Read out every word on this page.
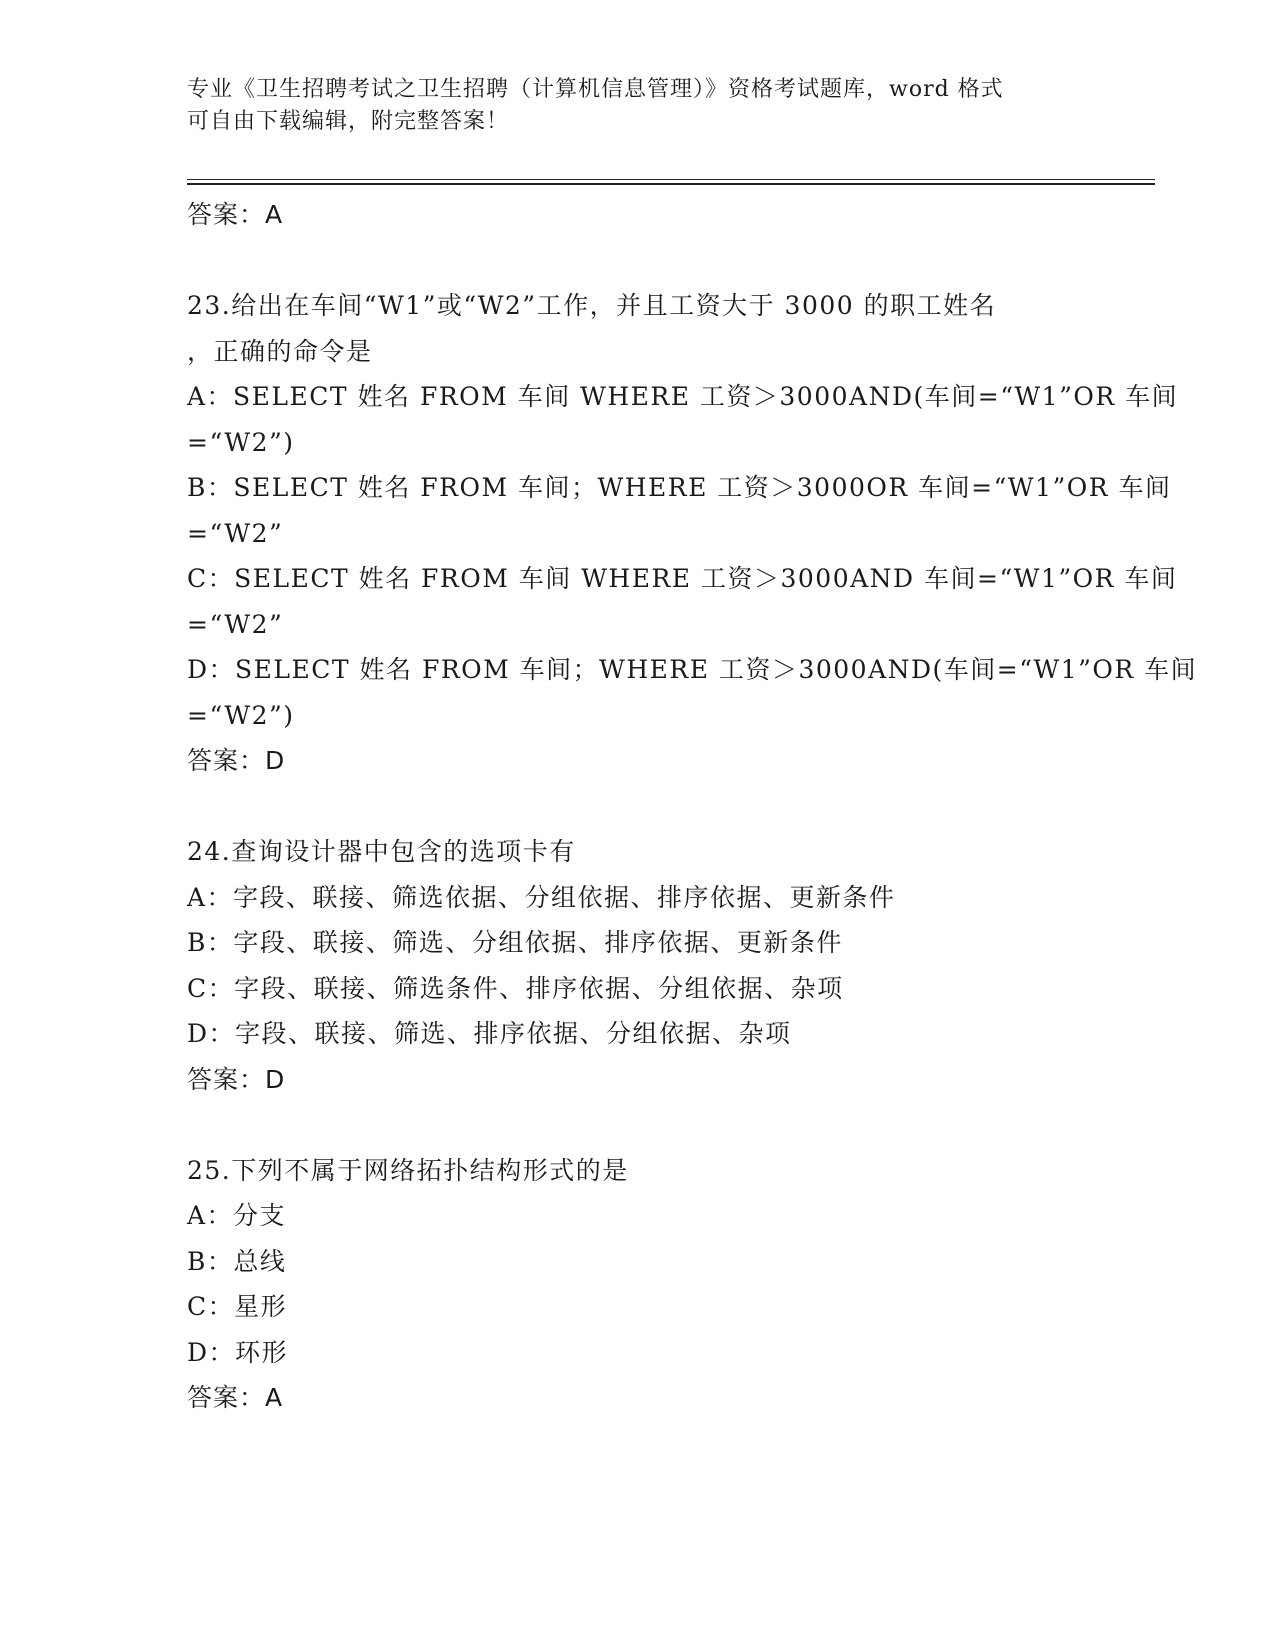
专业《卫生招聘考试之卫生招聘（计算机信息管理）》资格考试题库，word 格式
可自由下载编辑，附完整答案！
答案：A
23.给出在车间“W1”或“W2”工作，并且工资大于 3000 的职工姓名
，正确的命令是
A：SELECT 姓名 FROM 车间 WHERE 工资＞3000AND(车间=“W1”OR 车间
=“W2”)
B：SELECT 姓名 FROM 车间；WHERE 工资＞3000OR 车间=“W1”OR 车间
=“W2”
C：SELECT 姓名 FROM 车间 WHERE 工资＞3000AND 车间=“W1”OR 车间
=“W2”
D：SELECT 姓名 FROM 车间；WHERE 工资＞3000AND(车间=“W1”OR 车间
=“W2”)
答案：D
24.查询设计器中包含的选项卡有
A：字段、联接、筛选依据、分组依据、排序依据、更新条件
B：字段、联接、筛选、分组依据、排序依据、更新条件
C：字段、联接、筛选条件、排序依据、分组依据、杂项
D：字段、联接、筛选、排序依据、分组依据、杂项
答案：D
25.下列不属于网络拓扑结构形式的是
A：分支
B：总线
C：星形
D：环形
答案：A
